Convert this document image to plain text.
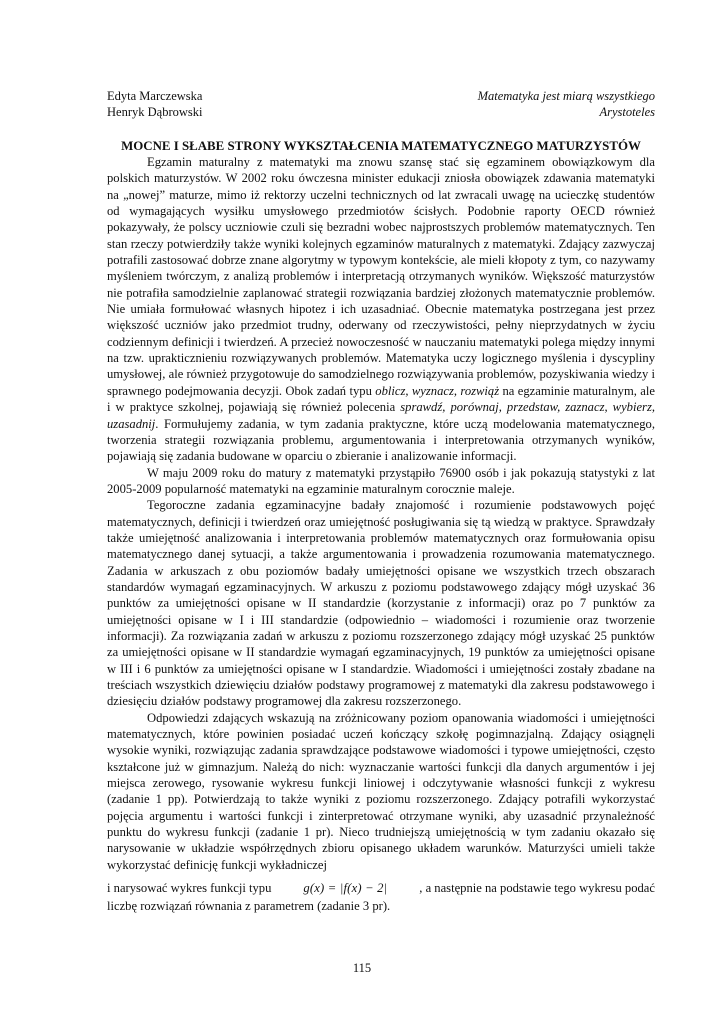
Edyta Marczewska
Henryk Dąbrowski
Matematyka jest miarą wszystkiego
Arystoteles
MOCNE I SŁABE STRONY WYKSZTAŁCENIA MATEMATYCZNEGO MATURZYSTÓW

Egzamin maturalny z matematyki ma znowu szansę stać się egzaminem obowiązkowym dla polskich maturzystów. W 2002 roku ówczesna minister edukacji zniosła obowiązek zdawania matematyki na „nowej” maturze, mimo iż rektorzy uczelni technicznych od lat zwracali uwagę na ucieczkę studentów od wymagających wysiłku umysłowego przedmiotów ścisłych. Podobnie raporty OECD również pokazywały, że polscy uczniowie czuli się bezradni wobec najprostszych problemów matematycznych. Ten stan rzeczy potwierdziły także wyniki kolejnych egzaminów maturalnych z matematyki. Zdający zazwyczaj potrafili zastosować dobrze znane algorytmy w typowym kontekście, ale mieli kłopoty z tym, co nazywamy myśleniem twórczym, z analizą problemów i interpretacją otrzymanych wyników. Większość maturzystów nie potrafiła samodzielnie zaplanować strategii rozwiązania bardziej złożonych matematycznie problemów. Nie umiała formułować własnych hipotez i ich uzasadniać. Obecnie matematyka postrzegana jest przez większość uczniów jako przedmiot trudny, oderwany od rzeczywistości, pełny nieprzydatnych w życiu codziennym definicji i twierdzeń. A przecież nowoczesność w nauczaniu matematyki polega między innymi na tzw. uprakticznieniu rozwiązywanych problemów. Matematyka uczy logicznego myślenia i dyscypliny umysłowej, ale również przygotowuje do samodzielnego rozwiązywania problemów, pozyskiwania wiedzy i sprawnego podejmowania decyzji. Obok zadań typu oblicz, wyznacz, rozwiąż na egzaminie maturalnym, ale i w praktyce szkolnej, pojawiają się również polecenia sprawdź, porównaj, przedstaw, zaznacz, wybierz, uzasadnij. Formułujemy zadania, w tym zadania praktyczne, które uczą modelowania matematycznego, tworzenia strategii rozwiązania problemu, argumentowania i interpretowania otrzymanych wyników, pojawiają się zadania budowane w oparciu o zbieranie i analizowanie informacji.

W maju 2009 roku do matury z matematyki przystąpiło 76900 osób i jak pokazują statystyki z lat 2005-2009 popularność matematyki na egzaminie maturalnym corocznie maleje.

Tegoroczne zadania egzaminacyjne badały znajomość i rozumienie podstawowych pojęć matematycznych, definicji i twierdzeń oraz umiejętność posługiwania się tą wiedzą w praktyce. Sprawdzały także umiejętność analizowania i interpretowania problemów matematycznych oraz formułowania opisu matematycznego danej sytuacji, a także argumentowania i prowadzenia rozumowania matematycznego. Zadania w arkuszach z obu poziomów badały umiejętności opisane we wszystkich trzech obszarach standardów wymagań egzaminacyjnych. W arkuszu z poziomu podstawowego zdający mógł uzyskać 36 punktów za umiejętności opisane w II standardzie (korzystanie z informacji) oraz po 7 punktów za umiejętności opisane w I i III standardzie (odpowiednio – wiadomości i rozumienie oraz tworzenie informacji). Za rozwiązania zadań w arkuszu z poziomu rozszerzonego zdający mógł uzyskać 25 punktów za umiejętności opisane w II standardzie wymagań egzaminacyjnych, 19 punktów za umiejętności opisane w III i 6 punktów za umiejętności opisane w I standardzie. Wiadomości i umiejętności zostały zbadane na treściach wszystkich dziewięciu działów podstawy programowej z matematyki dla zakresu podstawowego i dziesięciu działów podstawy programowej dla zakresu rozszerzonego.

Odpowiedzi zdających wskazują na zróżnicowany poziom opanowania wiadomości i umiejętności matematycznych, które powinien posiadać uczeń kończący szkołę pogimnazjalną. Zdający osiągnęli wysokie wyniki, rozwiązując zadania sprawdzające podstawowe wiadomości i typowe umiejętności, często kształcone już w gimnazjum. Należą do nich: wyznaczanie wartości funkcji dla danych argumentów i jej miejsca zerowego, rysowanie wykresu funkcji liniowej i odczytywanie własności funkcji z wykresu (zadanie 1 pp). Potwierdzają to także wyniki z poziomu rozszerzonego. Zdający potrafili wykorzystać pojęcia argumentu i wartości funkcji i zinterpretować otrzymane wyniki, aby uzasadnić przynależność punktu do wykresu funkcji (zadanie 1 pr). Nieco trudniejszą umiejętnością w tym zadaniu okazało się narysowanie w układzie współrzędnych zbioru opisanego układem warunków. Maturzyści umieli także wykorzystać definicję funkcji wykładniczej

i narysować wykres funkcji typu	g(x) = |f(x) − 2|	, a następnie na podstawie tego wykresu podać

liczbę rozwiązań równania z parametrem (zadanie 3 pr).

115
